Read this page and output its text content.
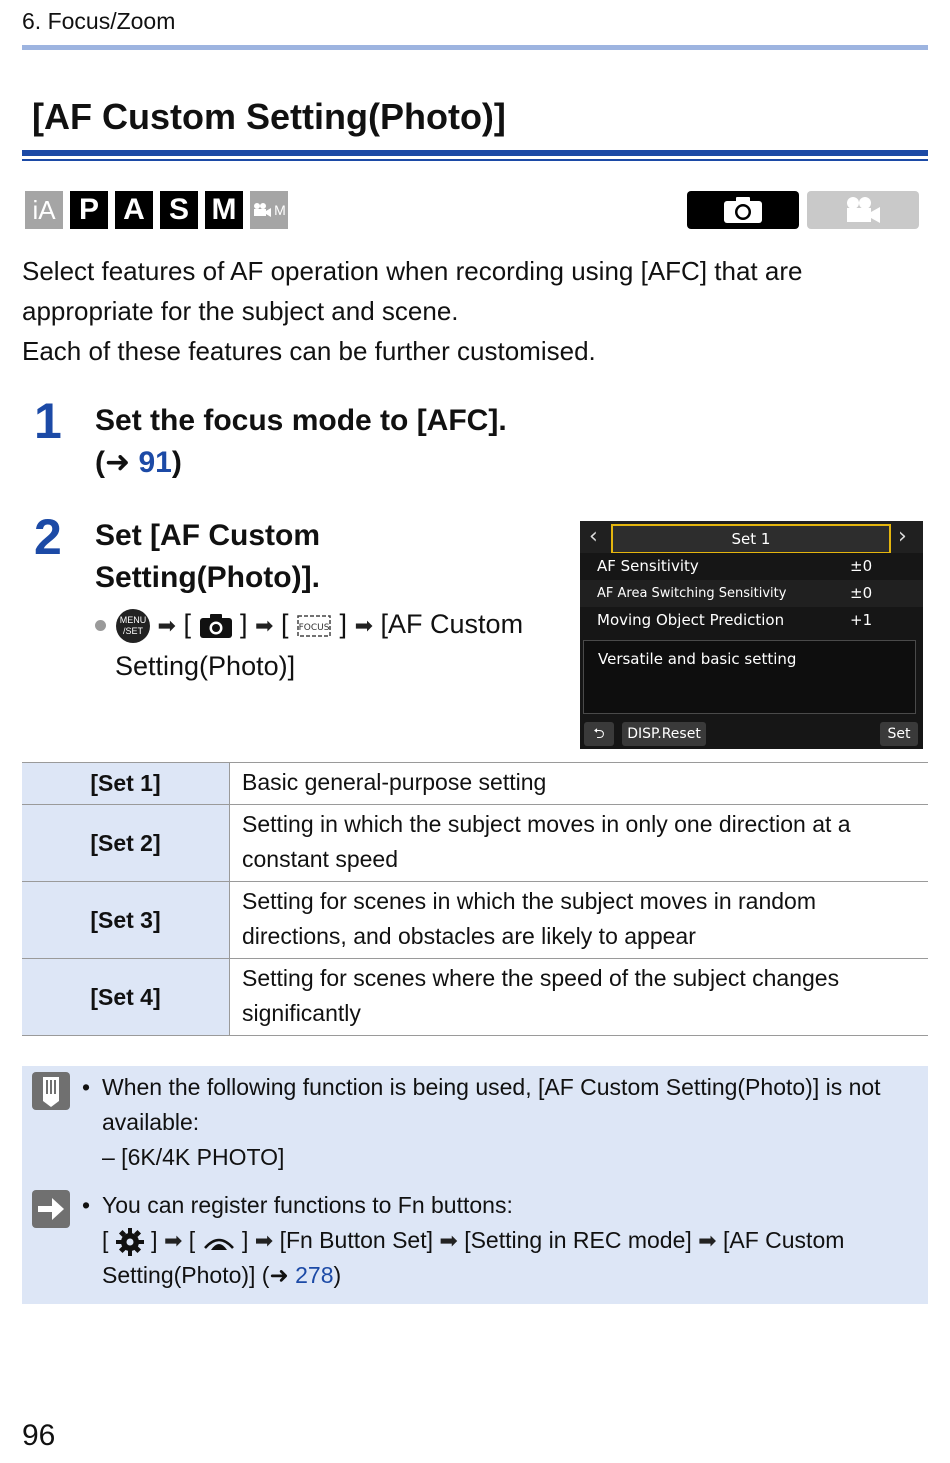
6. Focus/Zoom
[AF Custom Setting(Photo)]
iA P A S M	M

Select features of AF operation when recording using [AFC] that are

appropriate for the subject and scene.

Each of these features can be further customised.

1 Set the focus mode to [AFC].
(➜ 91)
2 Set [AF Custom Setting(Photo)].
MENU /SET ➡ [ ] ➡ [ FOCUS ] ➡ [AF Custom
Setting(Photo)]
‹	Set 1	›
AF Sensitivity	±0
AF Area Switching Sensitivity	±0
Moving Object Prediction	+1
Versatile and basic setting
⮌	DISP.Reset	Set
[Set 1]	Basic general-purpose setting
[Set 2]	Setting in which the subject moves in only one direction at a constant speed
[Set 3]	Setting for scenes in which the subject moves in random directions, and obstacles are likely to appear
[Set 4]	Setting for scenes where the speed of the subject changes significantly
• When the following function is being used, [AF Custom Setting(Photo)] is not
available:
– [6K/4K PHOTO]
• You can register functions to Fn buttons:
[  ] ➡ [  ] ➡ [Fn Button Set] ➡ [Setting in REC mode] ➡ [AF Custom
Setting(Photo)] (➜ 278)
96
